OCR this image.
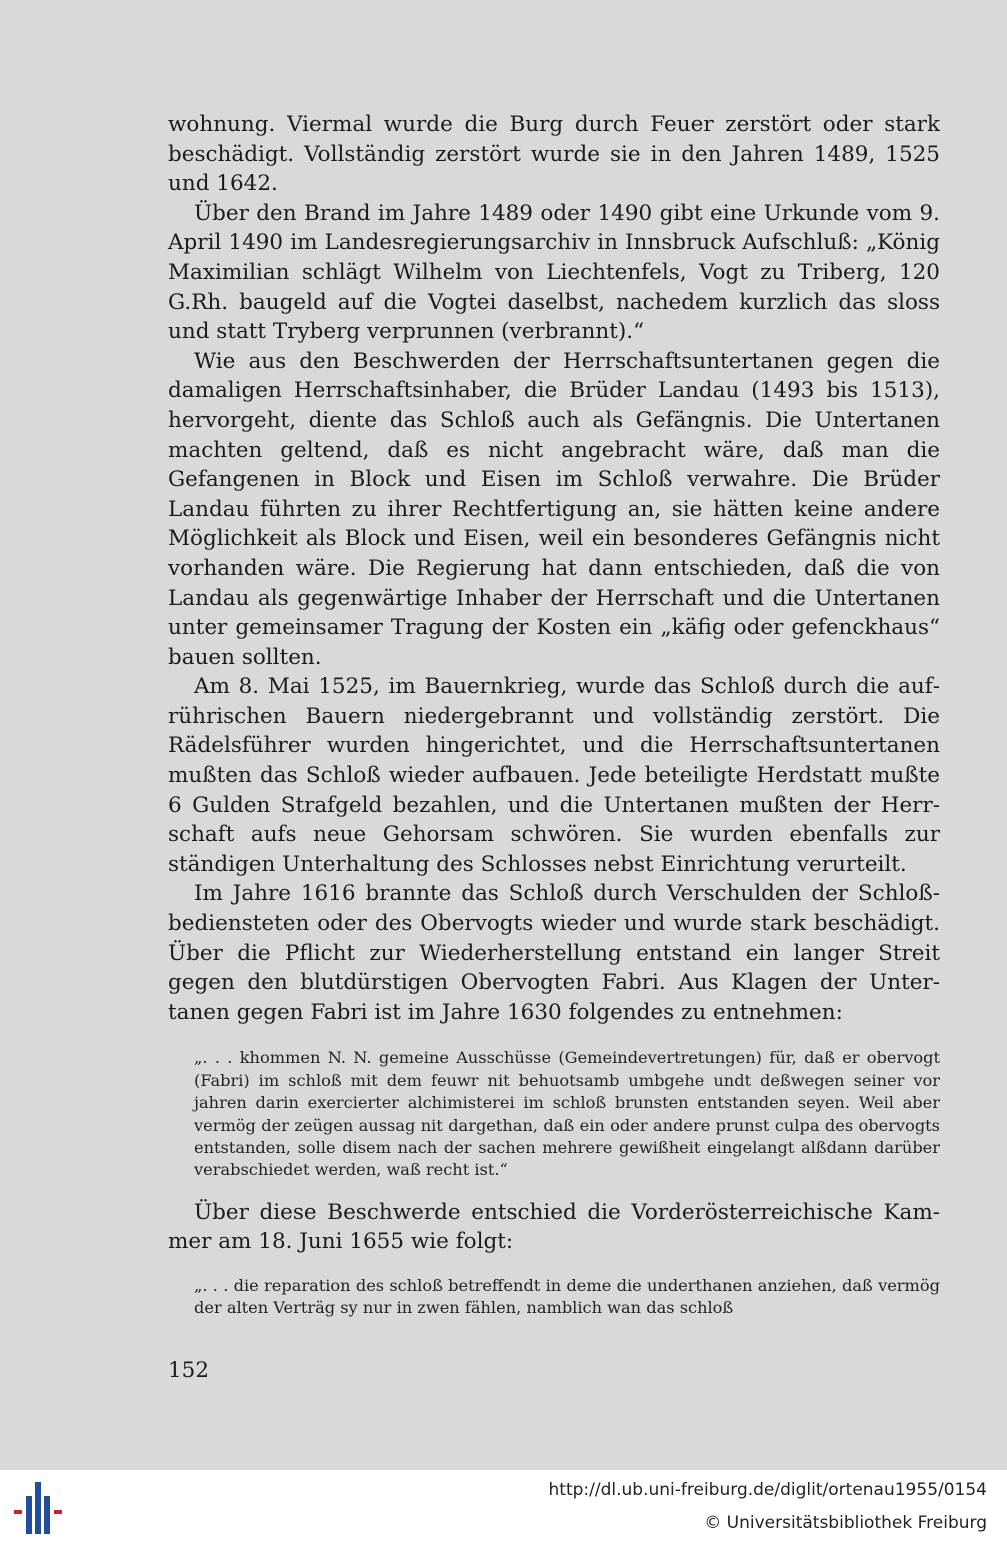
wohnung. Viermal wurde die Burg durch Feuer zerstört oder stark beschädigt. Vollständig zerstört wurde sie in den Jahren 1489, 1525 und 1642.

Über den Brand im Jahre 1489 oder 1490 gibt eine Urkunde vom 9. April 1490 im Landesregierungsarchiv in Innsbruck Aufschluß: „König Maximilian schlägt Wilhelm von Liechtenfels, Vogt zu Triberg, 120 G.Rh. baugeld auf die Vogtei daselbst, nachedem kurzlich das sloss und statt Tryberg verprunnen (verbrannt).“

Wie aus den Beschwerden der Herrschaftsuntertanen gegen die damaligen Herrschaftsinhaber, die Brüder Landau (1493 bis 1513), hervorgeht, diente das Schloß auch als Gefängnis. Die Untertanen machten geltend, daß es nicht angebracht wäre, daß man die Gefangenen in Block und Eisen im Schloß verwahre. Die Brüder Landau führten zu ihrer Rechtfertigung an, sie hätten keine andere Möglichkeit als Block und Eisen, weil ein besonderes Gefängnis nicht vorhanden wäre. Die Regierung hat dann entschieden, daß die von Landau als gegenwärtige Inhaber der Herrschaft und die Untertanen unter gemeinsamer Tragung der Kosten ein „käfig oder gefenckhaus“ bauen sollten.

Am 8. Mai 1525, im Bauernkrieg, wurde das Schloß durch die aufrührischen Bauern niedergebrannt und vollständig zerstört. Die Rädelsführer wurden hingerichtet, und die Herrschaftsuntertanen mußten das Schloß wieder aufbauen. Jede beteiligte Herdstatt mußte 6 Gulden Strafgeld bezahlen, und die Untertanen mußten der Herrschaft aufs neue Gehorsam schwören. Sie wurden ebenfalls zur ständigen Unterhaltung des Schlosses nebst Einrichtung verurteilt.

Im Jahre 1616 brannte das Schloß durch Verschulden der Schloßbediensteten oder des Obervogts wieder und wurde stark beschädigt. Über die Pflicht zur Wiederherstellung entstand ein langer Streit gegen den blutdürstigen Obervogten Fabri. Aus Klagen der Untertanen gegen Fabri ist im Jahre 1630 folgendes zu entnehmen:

„. . . khommen N. N. gemeine Ausschüsse (Gemeindevertretungen) für, daß er obervogt (Fabri) im schloß mit dem feuwr nit behuotsamb umbgehe undt deßwegen seiner vor jahren darin exercierter alchimisterei im schloß brunsten entstanden seyen. Weil aber vermög der zeügen aussag nit dargethan, daß ein oder andere prunst culpa des obervogts entstanden, solle disem nach der sachen mehrere gewißheit eingelangt alßdann darüber verabschiedet werden, waß recht ist.“

Über diese Beschwerde entschied die Vorderösterreichische Kammer am 18. Juni 1655 wie folgt:

„. . . die reparation des schloß betreffendt in deme die underthanen anziehen, daß vermög der alten Verträg sy nur in zwen fählen, namblich wan das schloß

152
http://dl.ub.uni-freiburg.de/diglit/ortenau1955/0154
© Universitätsbibliothek Freiburg
